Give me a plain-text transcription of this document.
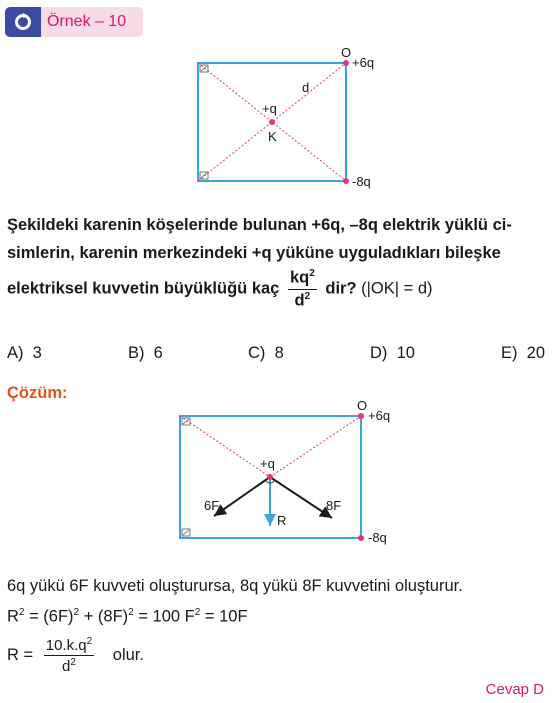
Örnek – 10
O
+6q
-8q
d
+q
K
Şekildeki karenin köşelerinde bulunan +6q, –8q elektrik yüklü ci-
simlerin, karenin merkezindeki +q yüküne uyguladıkları bileşke
elektriksel kuvvetin büyüklüğü kaç $\frac{kq^2}{d^2}$ dir? (|OK| = d)
A) 3	B) 6	C) 8	D) 10	E) 20
Çözüm:
O
+6q
-8q
+q
6F	8F
R
6q yükü 6F kuvveti oluşturursa, 8q yükü 8F kuvvetini oluşturur.
$R^2 = (6F)^2 + (8F)^2 = 100$ $F^2 = 10F$
$R = \frac{10.k.q^2}{d^2}$ olur.
Cevap D
